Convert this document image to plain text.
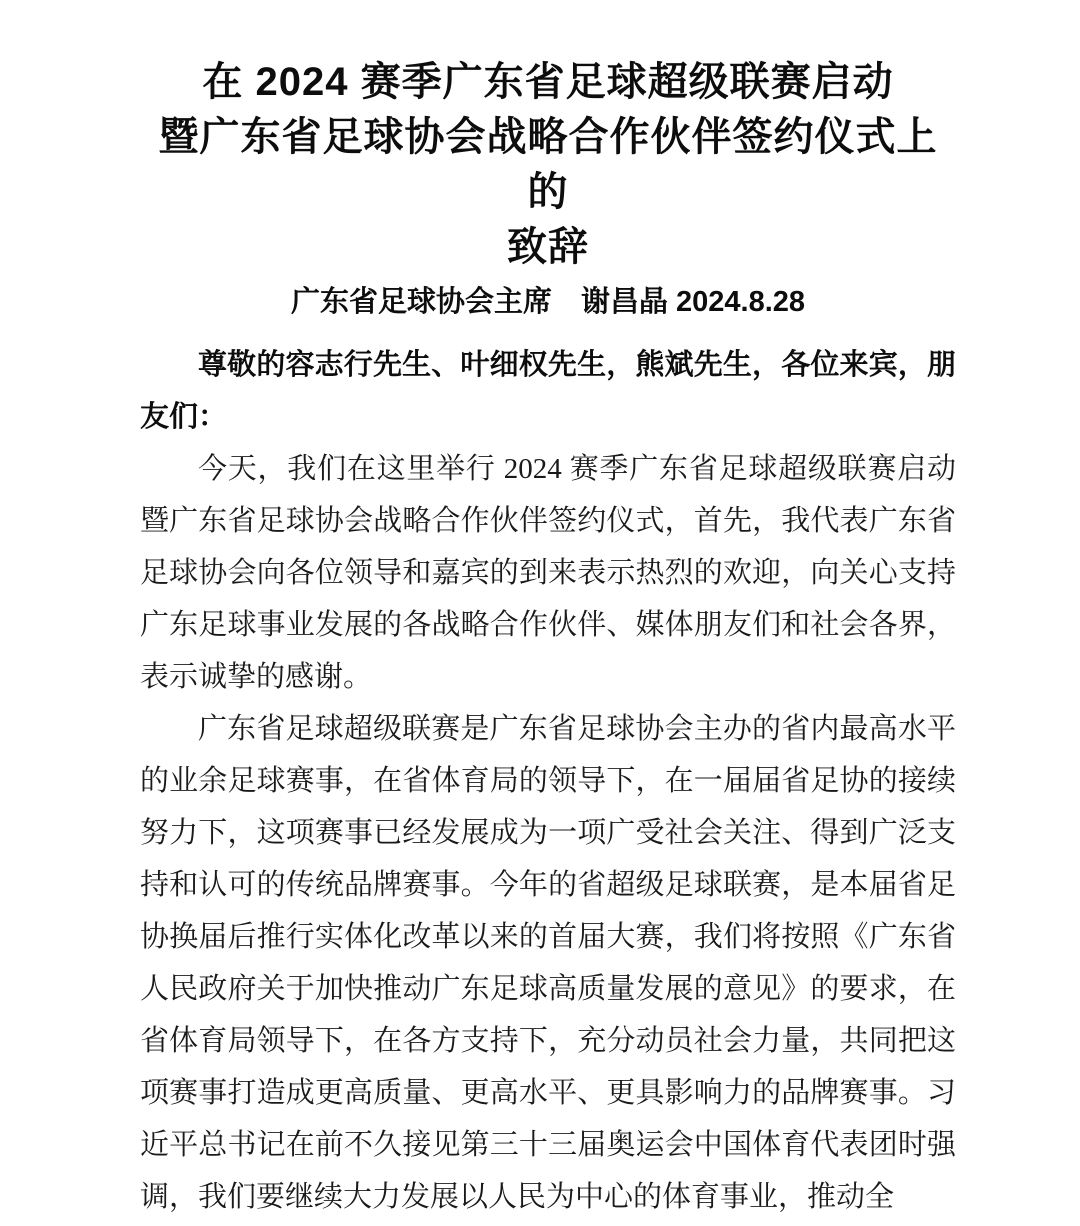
在 2024 赛季广东省足球超级联赛启动
暨广东省足球协会战略合作伙伴签约仪式上的
致辞
广东省足球协会主席　谢昌晶 2024.8.28

尊敬的容志行先生、叶细权先生，熊斌先生，各位来宾，朋友们：

今天，我们在这里举行 2024 赛季广东省足球超级联赛启动暨广东省足球协会战略合作伙伴签约仪式，首先，我代表广东省足球协会向各位领导和嘉宾的到来表示热烈的欢迎，向关心支持广东足球事业发展的各战略合作伙伴、媒体朋友们和社会各界，表示诚挚的感谢。

广东省足球超级联赛是广东省足球协会主办的省内最高水平的业余足球赛事，在省体育局的领导下，在一届届省足协的接续努力下，这项赛事已经发展成为一项广受社会关注、得到广泛支持和认可的传统品牌赛事。今年的省超级足球联赛，是本届省足协换届后推行实体化改革以来的首届大赛，我们将按照《广东省人民政府关于加快推动广东足球高质量发展的意见》的要求，在省体育局领导下，在各方支持下，充分动员社会力量，共同把这项赛事打造成更高质量、更高水平、更具影响力的品牌赛事。习近平总书记在前不久接见第三十三届奥运会中国体育代表团时强调，我们要继续大力发展以人民为中心的体育事业，推动全
